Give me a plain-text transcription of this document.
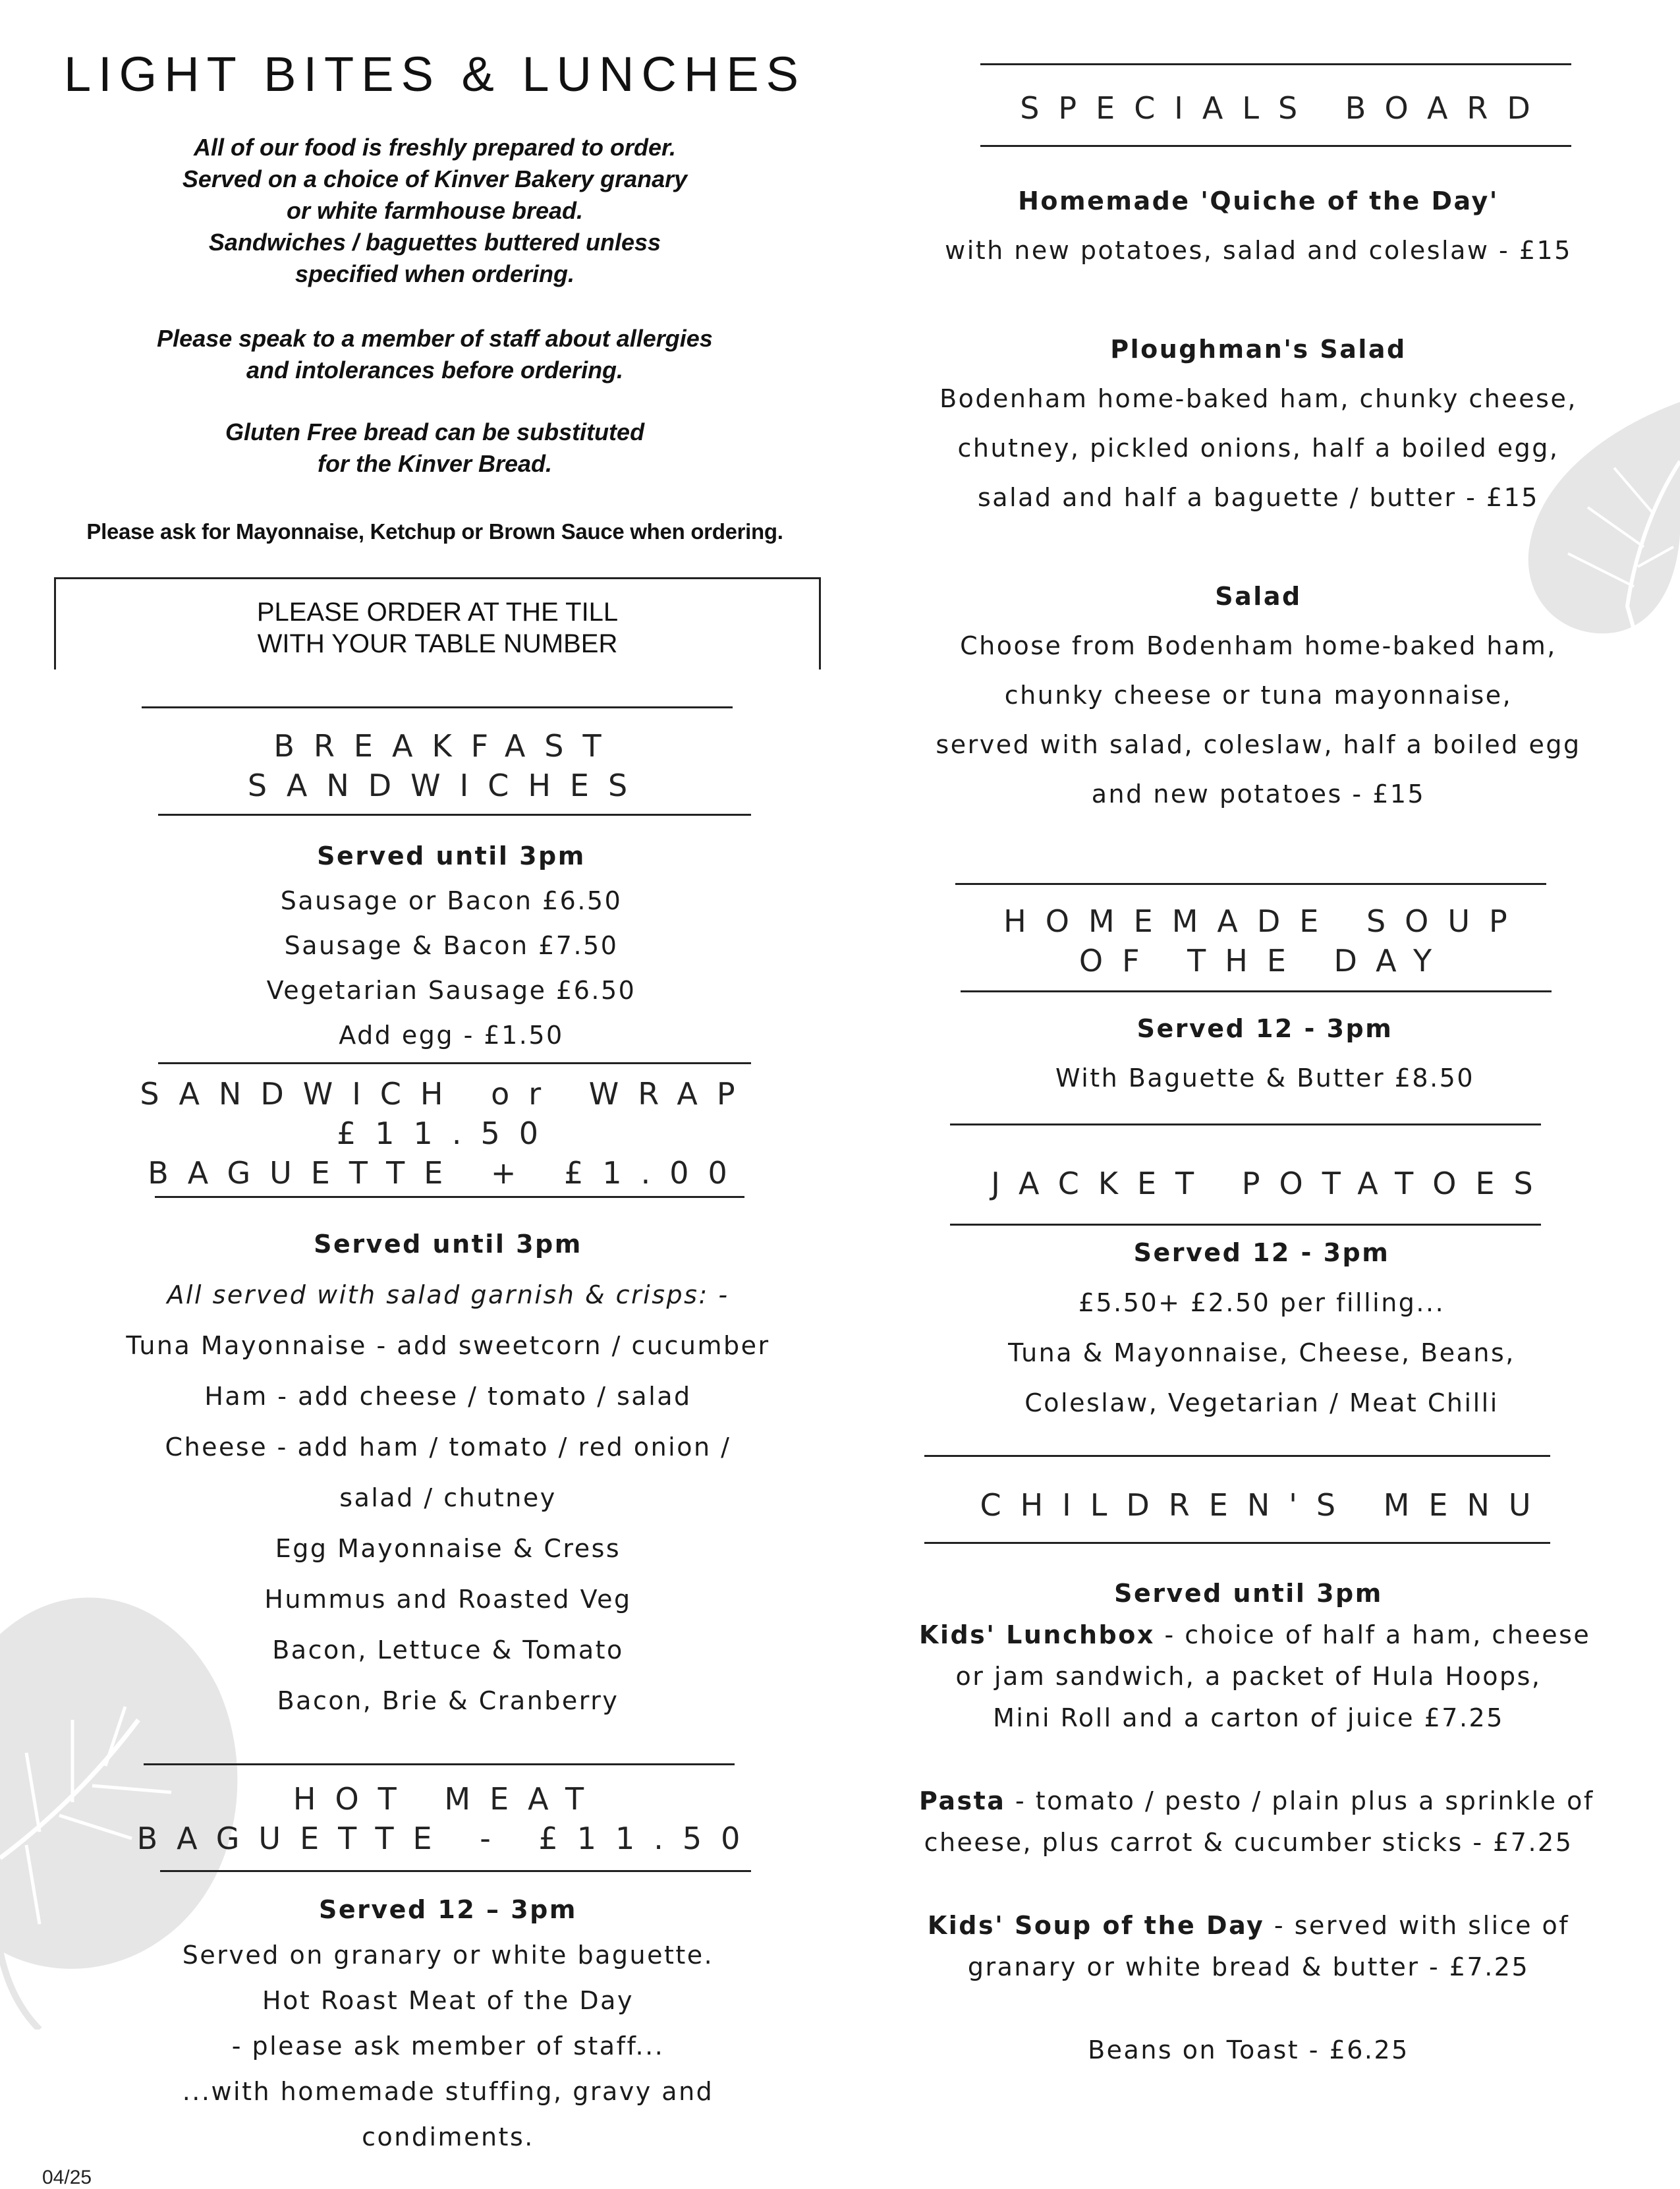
LIGHT BITES & LUNCHES

All of our food is freshly prepared to order.

Served on a choice of Kinver Bakery granary

or white farmhouse bread.

Sandwiches / baguettes buttered unless

specified when ordering.

Please speak to a member of staff about allergies

and intolerances before ordering.

Gluten Free bread can be substituted

for the Kinver Bread.

Please ask for Mayonnaise, Ketchup or Brown Sauce when ordering.
PLEASE ORDER AT THE TILL
WITH YOUR TABLE NUMBER
BREAKFAST
SANDWICHES
Served until 3pm
Sausage or Bacon £6.50
Sausage & Bacon £7.50
Vegetarian Sausage £6.50
Add egg - £1.50
SANDWICH or WRAP
£11.50
BAGUETTE + £1.00
Served until 3pm
All served with salad garnish & crisps: -
Tuna Mayonnaise - add sweetcorn / cucumber
Ham - add cheese / tomato / salad
Cheese - add ham / tomato / red onion /
salad / chutney
Egg Mayonnaise & Cress
Hummus and Roasted Veg
Bacon, Lettuce & Tomato
Bacon, Brie & Cranberry
HOT MEAT
BAGUETTE - £11.50
Served 12 – 3pm
Served on granary or white baguette.
Hot Roast Meat of the Day
- please ask member of staff...
...with homemade stuffing, gravy and
condiments.
04/25
SPECIALS BOARD
Homemade 'Quiche of the Day'
with new potatoes, salad and coleslaw - £15
Ploughman's Salad
Bodenham home-baked ham, chunky cheese,
chutney, pickled onions, half a boiled egg,
salad and half a baguette / butter - £15
Salad
Choose from Bodenham home-baked ham,
chunky cheese or tuna mayonnaise,
served with salad, coleslaw, half a boiled egg
and new potatoes - £15
HOMEMADE SOUP
OF THE DAY
Served 12 - 3pm
With Baguette & Butter £8.50
JACKET POTATOES
Served 12 - 3pm
£5.50+ £2.50 per filling...
Tuna & Mayonnaise, Cheese, Beans,
Coleslaw, Vegetarian / Meat Chilli
CHILDREN'S MENU
Served until 3pm
Kids' Lunchbox - choice of half a ham, cheese
or jam sandwich, a packet of Hula Hoops,
Mini Roll and a carton of juice £7.25
Pasta - tomato / pesto / plain plus a sprinkle of
cheese, plus carrot & cucumber sticks - £7.25
Kids' Soup of the Day - served with slice of
granary or white bread & butter - £7.25
Beans on Toast - £6.25
